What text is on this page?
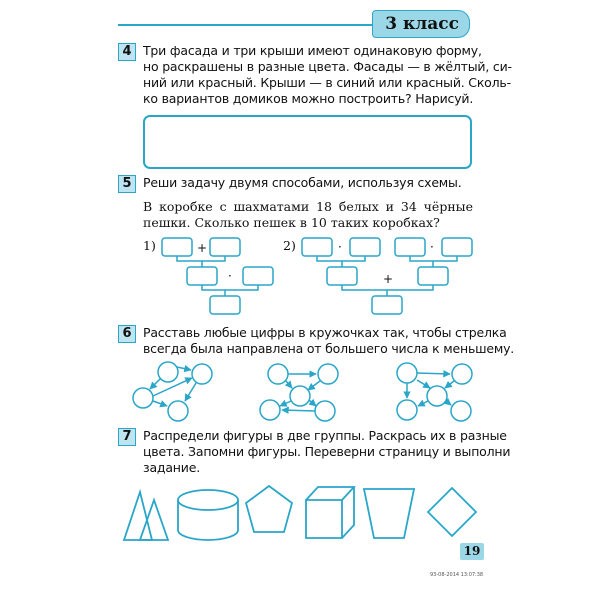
3 класс
4 Три фасада и три крыши имеют одинаковую форму,
но раскрашены в разные цвета. Фасады — в жёлтый, си-
ний или красный. Крыши — в синий или красный. Сколь-
ко вариантов домиков можно построить? Нарисуй.
5 Реши задачу двумя способами, используя схемы.
В коробке с шахматами 18 белых и 34 чёрные
пешки. Сколько пешек в 10 таких коробках?
6 Расставь любые цифры в кружочках так, чтобы стрелка
всегда была направлена от большего числа к меньшему.
7 Распредели фигуры в две группы. Раскрась их в разные
цвета. Запомни фигуры. Переверни страницу и выполни
задание.
1)	+
·
2)	·	·
+
19
93-08-2014 13:07:38
